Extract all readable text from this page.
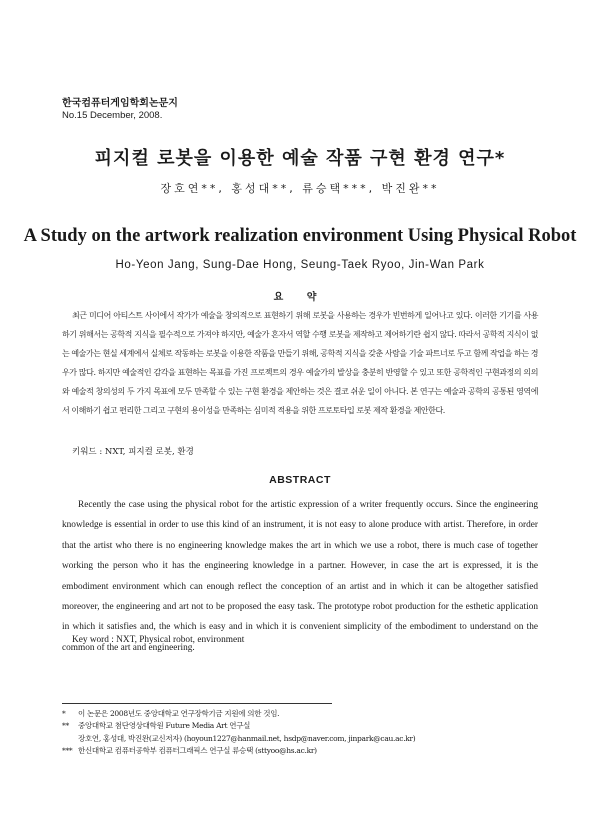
한국컴퓨터게임학회논문지

No.15 December, 2008.

피지컬 로봇을 이용한 예술 작품 구현 환경 연구*

장호연**, 홍성대**, 류승택***, 박진완**

A Study on the artwork realization environment Using Physical Robot

Ho-Yeon Jang, Sung-Dae Hong, Seung-Taek Ryoo, Jin-Wan Park

요 약

최근 미디어 아티스트 사이에서 작가가 예술을 창의적으로 표현하기 위해 로봇을 사용하는 경우가 빈번하게 일어나고 있다. 이러한 기기를 사용하기 위해서는 공학적 지식을 필수적으로 가져야 하지만, 예술가 혼자서 역할 수행 로봇을 제작하고 제어하기란 쉽지 않다. 따라서 공학적 지식이 없는 예술가는 현실 세계에서 실체로 작동하는 로봇을 이용한 작품을 만들기 위해, 공학적 지식을 갖춘 사람을 기술 파트너로 두고 함께 작업을 하는 경우가 많다. 하지만 예술적인 감각을 표현하는 목표를 가진 프로젝트의 경우 예술가의 발상을 충분히 반영할 수 있고 또한 공학적인 구현과정의 의의와 예술적 창의성의 두 가지 목표에 모두 만족할 수 있는 구현 환경을 제안하는 것은 결코 쉬운 일이 아니다. 본 연구는 예술과 공학의 공통된 영역에서 이해하기 쉽고 편리한 그리고 구현의 용이성을 만족하는 심미적 적용을 위한 프로토타입 로봇 제작 환경을 제안한다.

키워드 : NXT, 피지컬 로봇, 환경

ABSTRACT

Recently the case using the physical robot for the artistic expression of a writer frequently occurs. Since the engineering knowledge is essential in order to use this kind of an instrument, it is not easy to alone produce with artist. Therefore, in order that the artist who there is no engineering knowledge makes the art in which we use a robot, there is much case of together working the person who it has the engineering knowledge in a partner. However, in case the art is expressed, it is the embodiment environment which can enough reflect the conception of an artist and in which it can be altogether satisfied moreover, the engineering and art not to be proposed the easy task. The prototype robot production for the esthetic application in which it satisfies and, the which is easy and in which it is convenient simplicity of the embodiment to understand on the common of the art and engineering.

Key word : NXT, Physical robot, environment

*	이 논문은 2008년도 중앙대학교 연구장학기금 지원에 의한 것임.
**	중앙대학교 첨단영상대학원 Future Media Art 연구실
장호연, 홍성대, 박진완(교신저자) (hoyoun1227@hanmail.net, hsdp@naver.com, jinpark@cau.ac.kr)
*** 한신대학교 컴퓨터공학부 컴퓨터그래픽스 연구실 류승택 (sttyoo@hs.ac.kr)
